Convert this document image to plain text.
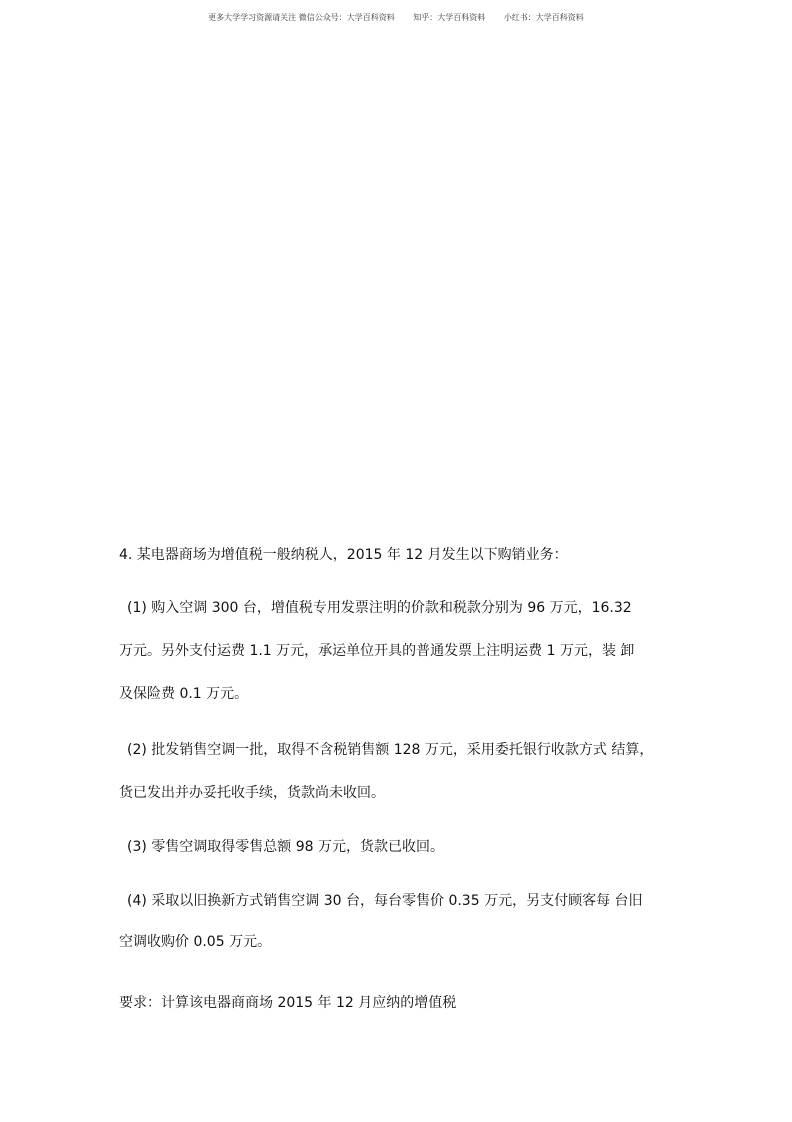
更多大学学习资源请关注 微信公众号：大学百科资料 知乎：大学百科资料 小红书：大学百科资料
4. 某电器商场为增值税一般纳税人，2015 年 12 月发生以下购销业务：
(1) 购入空调 300 台，增值税专用发票注明的价款和税款分别为 96 万元，16.32
万元。另外支付运费 1.1 万元，承运单位开具的普通发票上注明运费 1 万元，装 卸
及保险费 0.1 万元。
(2) 批发销售空调一批，取得不含税销售额 128 万元，采用委托银行收款方式 结算，
货已发出并办妥托收手续，货款尚未收回。
(3) 零售空调取得零售总额 98 万元，货款已收回。
(4) 采取以旧换新方式销售空调 30 台，每台零售价 0.35 万元，另支付顾客每 台旧
空调收购价 0.05 万元。
要求：计算该电器商商场 2015 年 12 月应纳的增值税
